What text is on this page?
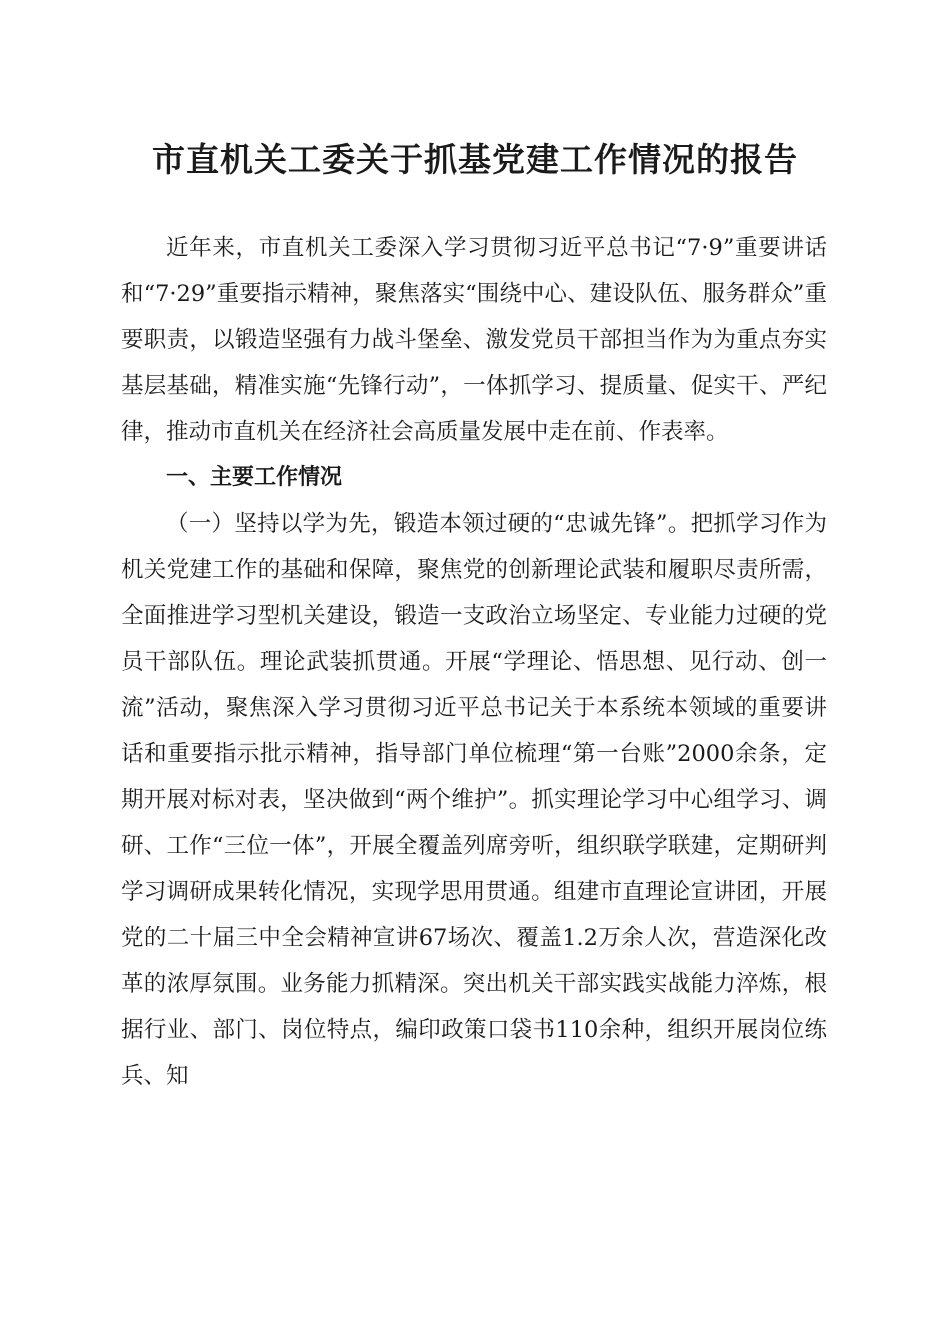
市直机关工委关于抓基党建工作情况的报告

近年来，市直机关工委深入学习贯彻习近平总书记“7·9”重要讲话和“7·29”重要指示精神，聚焦落实“围绕中心、建设队伍、服务群众”重要职责，以锻造坚强有力战斗堡垒、激发党员干部担当作为为重点夯实基层基础，精准实施“先锋行动”，一体抓学习、提质量、促实干、严纪律，推动市直机关在经济社会高质量发展中走在前、作表率。

一、主要工作情况

（一）坚持以学为先，锻造本领过硬的“忠诚先锋”。把抓学习作为机关党建工作的基础和保障，聚焦党的创新理论武装和履职尽责所需，全面推进学习型机关建设，锻造一支政治立场坚定、专业能力过硬的党员干部队伍。理论武装抓贯通。开展“学理论、悟思想、见行动、创一流”活动，聚焦深入学习贯彻习近平总书记关于本系统本领域的重要讲话和重要指示批示精神，指导部门单位梳理“第一台账”2000余条，定期开展对标对表，坚决做到“两个维护”。抓实理论学习中心组学习、调研、工作“三位一体”，开展全覆盖列席旁听，组织联学联建，定期研判学习调研成果转化情况，实现学思用贯通。组建市直理论宣讲团，开展党的二十届三中全会精神宣讲67场次、覆盖1.2万余人次，营造深化改革的浓厚氛围。业务能力抓精深。突出机关干部实践实战能力淬炼，根据行业、部门、岗位特点，编印政策口袋书110余种，组织开展岗位练兵、知
